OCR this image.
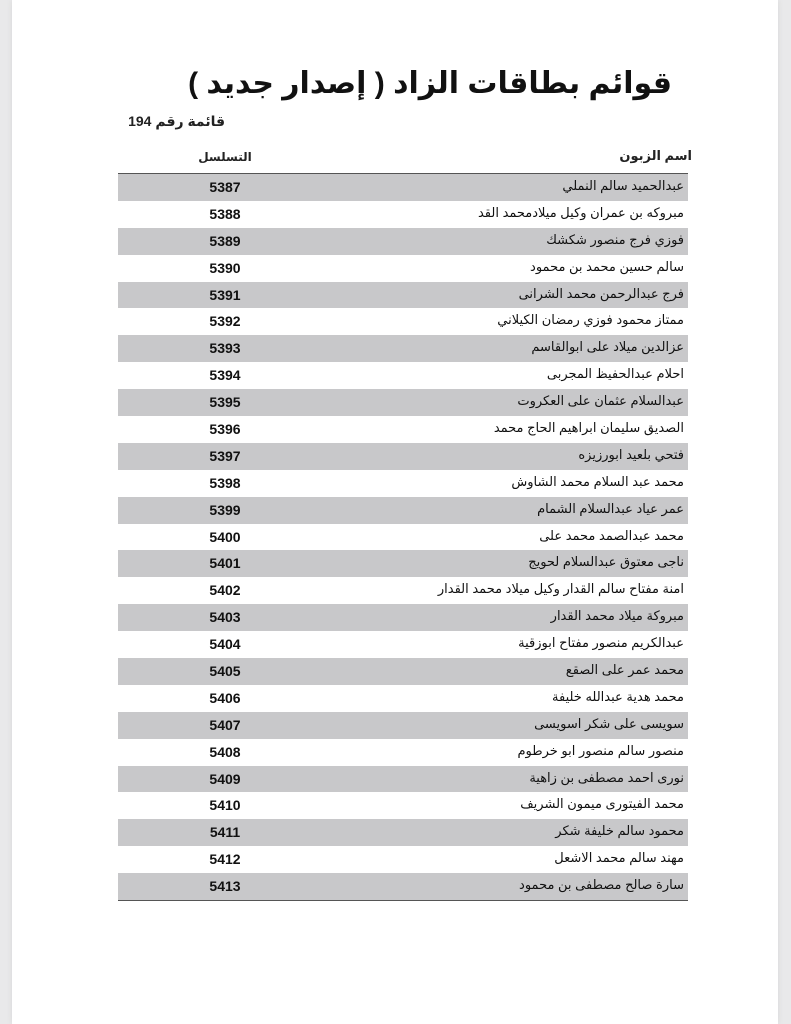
قوائم بطاقات الزاد ( إصدار جديد )
قائمة رقم 194
التسلسل	اسم الزبون
5387	عبدالحميد سالم النملي
5388	مبروكه بن عمران وكيل ميلادمحمد القد
5389	فوزي فرج منصور شكشك
5390	سالم حسين محمد بن محمود
5391	فرج عبدالرحمن محمد الشرانى
5392	ممتاز محمود فوزي رمضان الكيلاني
5393	عزالدين ميلاد على ابوالقاسم
5394	احلام عبدالحفيظ المجربى
5395	عبدالسلام عثمان على العكروت
5396	الصديق سليمان ابراهيم الحاج محمد
5397	فتحي بلعيد ابورزيزه
5398	محمد عبد السلام محمد الشاوش
5399	عمر عياد عبدالسلام الشمام
5400	محمد عبدالصمد محمد على
5401	ناجى معتوق عبدالسلام لحويج
5402	امنة مفتاح سالم القدار وكيل ميلاد محمد القدار
5403	مبروكة ميلاد محمد القدار
5404	عبدالكريم منصور مفتاح ابوزقية
5405	محمد عمر على الصقع
5406	محمد هدية عبدالله خليفة
5407	سويسى على شكر اسويسى
5408	منصور سالم منصور ابو خرطوم
5409	نورى احمد مصطفى بن زاهية
5410	محمد الفيتورى ميمون الشريف
5411	محمود سالم خليفة شكر
5412	مهند سالم محمد الاشعل
5413	سارة صالح مصطفى بن محمود
